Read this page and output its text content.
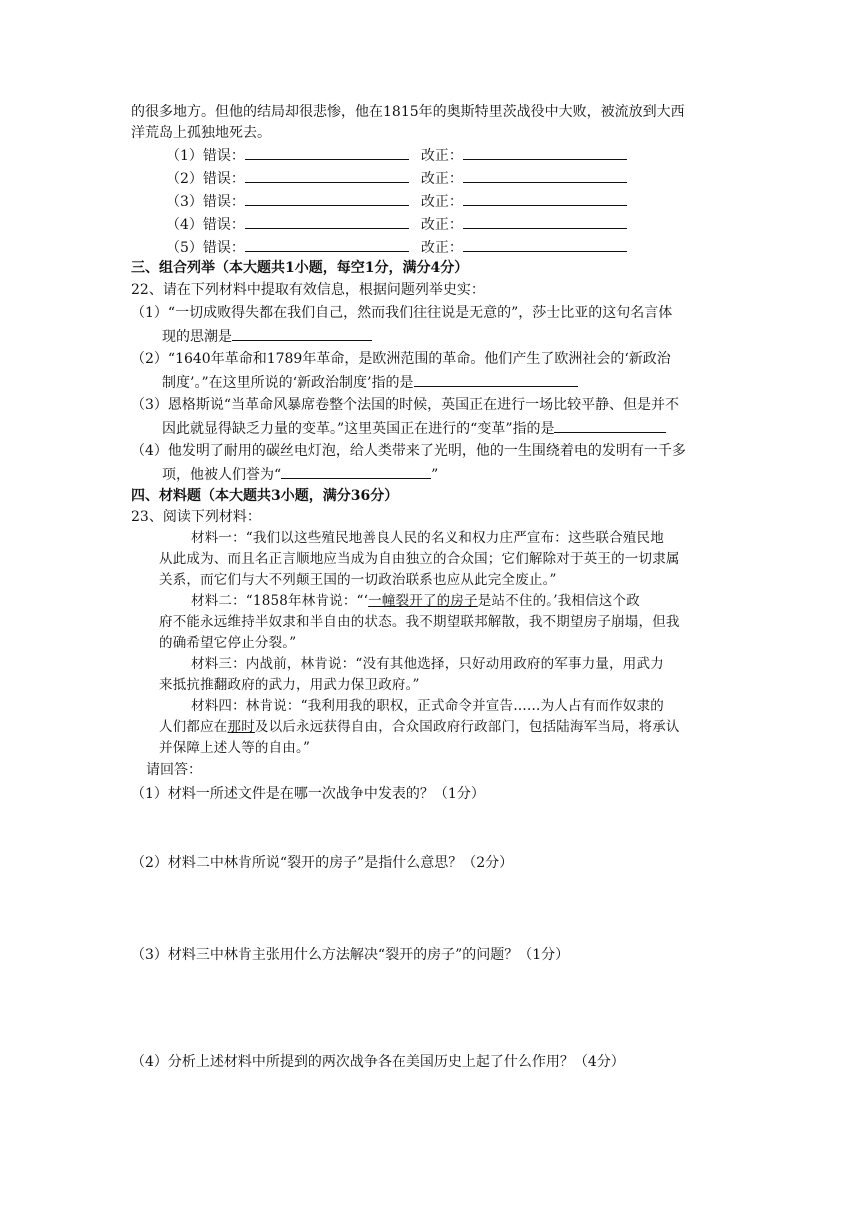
的很多地方。但他的结局却很悲惨，他在1815年的奥斯特里茨战役中大败，被流放到大西
洋荒岛上孤独地死去。
（1）错误：	改正：
（2）错误：	改正：
（3）错误：	改正：
（4）错误：	改正：
（5）错误：	改正：
三、组合列举（本大题共1小题，每空1分，满分4分）
22、请在下列材料中提取有效信息，根据问题列举史实：
（1）“一切成败得失都在我们自己，然而我们往往说是无意的”，莎士比亚的这句名言体
现的思潮是
（2）“1640年革命和1789年革命，是欧洲范围的革命。他们产生了欧洲社会的‘新政治
制度’。”在这里所说的‘新政治制度’指的是
（3）恩格斯说“当革命风暴席卷整个法国的时候，英国正在进行一场比较平静、但是并不
因此就显得缺乏力量的变革。”这里英国正在进行的“变革”指的是
（4）他发明了耐用的碳丝电灯泡，给人类带来了光明，他的一生围绕着电的发明有一千多
项，他被人们誉为“	”
四、材料题（本大题共3小题，满分36分）
23、阅读下列材料：
材料一：“我们以这些殖民地善良人民的名义和权力庄严宣布：这些联合殖民地
从此成为、而且名正言顺地应当成为自由独立的合众国；它们解除对于英王的一切隶属
关系，而它们与大不列颠王国的一切政治联系也应从此完全废止。”
材料二：“1858年林肯说：“‘一幢裂开了的房子是站不住的。’我相信这个政
府不能永远维持半奴隶和半自由的状态。我不期望联邦解散，我不期望房子崩塌，但我
的确希望它停止分裂。”
材料三：内战前，林肯说：“没有其他选择，只好动用政府的军事力量，用武力
来抵抗推翻政府的武力，用武力保卫政府。”
材料四：林肯说：“我利用我的职权，正式命令并宣告……为人占有而作奴隶的
人们都应在那时及以后永远获得自由，合众国政府行政部门，包括陆海军当局，将承认
并保障上述人等的自由。”
请回答：
（1）材料一所述文件是在哪一次战争中发表的？（1分）
（2）材料二中林肯所说“裂开的房子”是指什么意思？（2分）
（3）材料三中林肯主张用什么方法解决“裂开的房子”的问题？（1分）
（4）分析上述材料中所提到的两次战争各在美国历史上起了什么作用？（4分）
